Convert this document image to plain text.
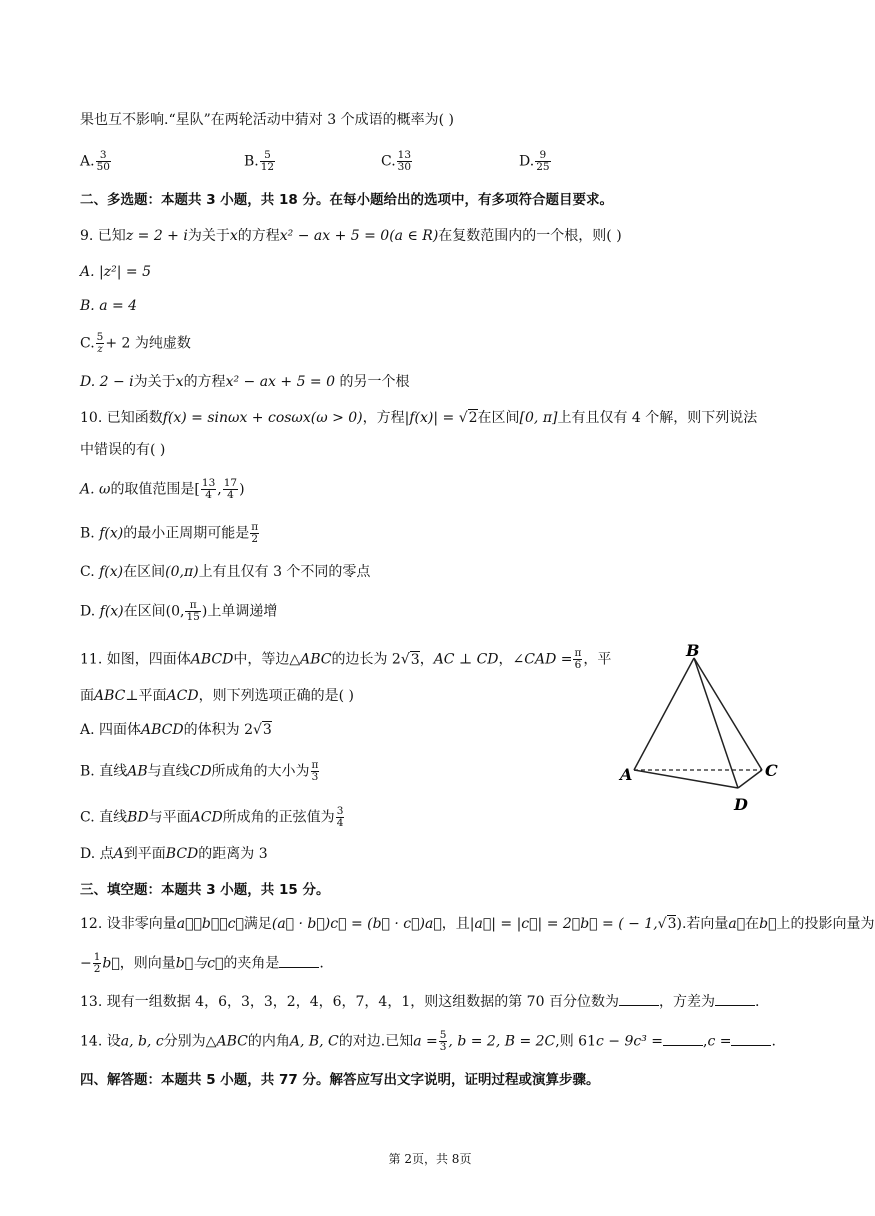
果也互不影响.“星队”在两轮活动中猜对 3 个成语的概率为( )
A. $\frac{3}{50}$	B. $\frac{5}{12}$	C. $\frac{13}{30}$	D. $\frac{9}{25}$
二、多选题：本题共 3 小题，共 18 分。在每小题给出的选项中，有多项符合题目要求。
9. 已知z = 2 + i为关于x的方程x² − ax + 5 = 0(a ∈ R)在复数范围内的一个根，则( )
A. |z²| = 5
B. a = 4
C. $\frac{5}{z}+ 2$ 为纯虚数
D. 2 − i为关于x的方程x² − ax + 5 = 0 的另一个根
10. 已知函数f(x) = sinωx + cosωx(ω > 0)，方程|f(x)| = √2在区间[0, π]上有且仅有 4 个解，则下列说法
中错误的有( )
A. ω的取值范围是[ $\frac{13}{4}$ , $\frac{17}{4}$ )
B. f(x)的最小正周期可能是 $\frac{\pi}{2}$
C. f(x)在区间(0,π)上有且仅有 3 个不同的零点
D. f(x)在区间(0, $\frac{\pi}{15}$ )上单调递增
11. 如图，四面体ABCD中，等边△ABC的边长为 2√3，AC ⊥ CD，∠CAD = $\frac{\pi}{6}$ ，平
面ABC⊥平面ACD，则下列选项正确的是( )
A. 四面体ABCD的体积为 2√3
B. 直线AB与直线CD所成角的大小为 $\frac{\pi}{3}$
C. 直线BD与平面ACD所成角的正弦值为 $\frac{3}{4}$
D. 点A到平面BCD的距离为 3
B
A	C
D
三、填空题：本题共 3 小题，共 15 分。
12. 设非零向量a⃗，b⃗，c⃗满足(a⃗ · b⃗)c⃗ = (b⃗ · c⃗)a⃗，且|a⃗| = |c⃗| = 2，b⃗ = ( − 1,√3).若向量a⃗在b⃗上的投影向量为
− $\frac{1}{2}$ b⃗，则向量b⃗与c⃗的夹角是	.
13. 现有一组数据 4，6，3，3，2，4，6，7，4，1，则这组数据的第 70 百分位数为	，方差为	.
14. 设a, b, c分别为△ABC的内角A, B, C的对边.已知$a = \frac{5}{3}$ , b = 2, B = 2C,则 61c − 9c³ =	,c =	.
四、解答题：本题共 5 小题，共 77 分。解答应写出文字说明，证明过程或演算步骤。
第 2页，共 8页
